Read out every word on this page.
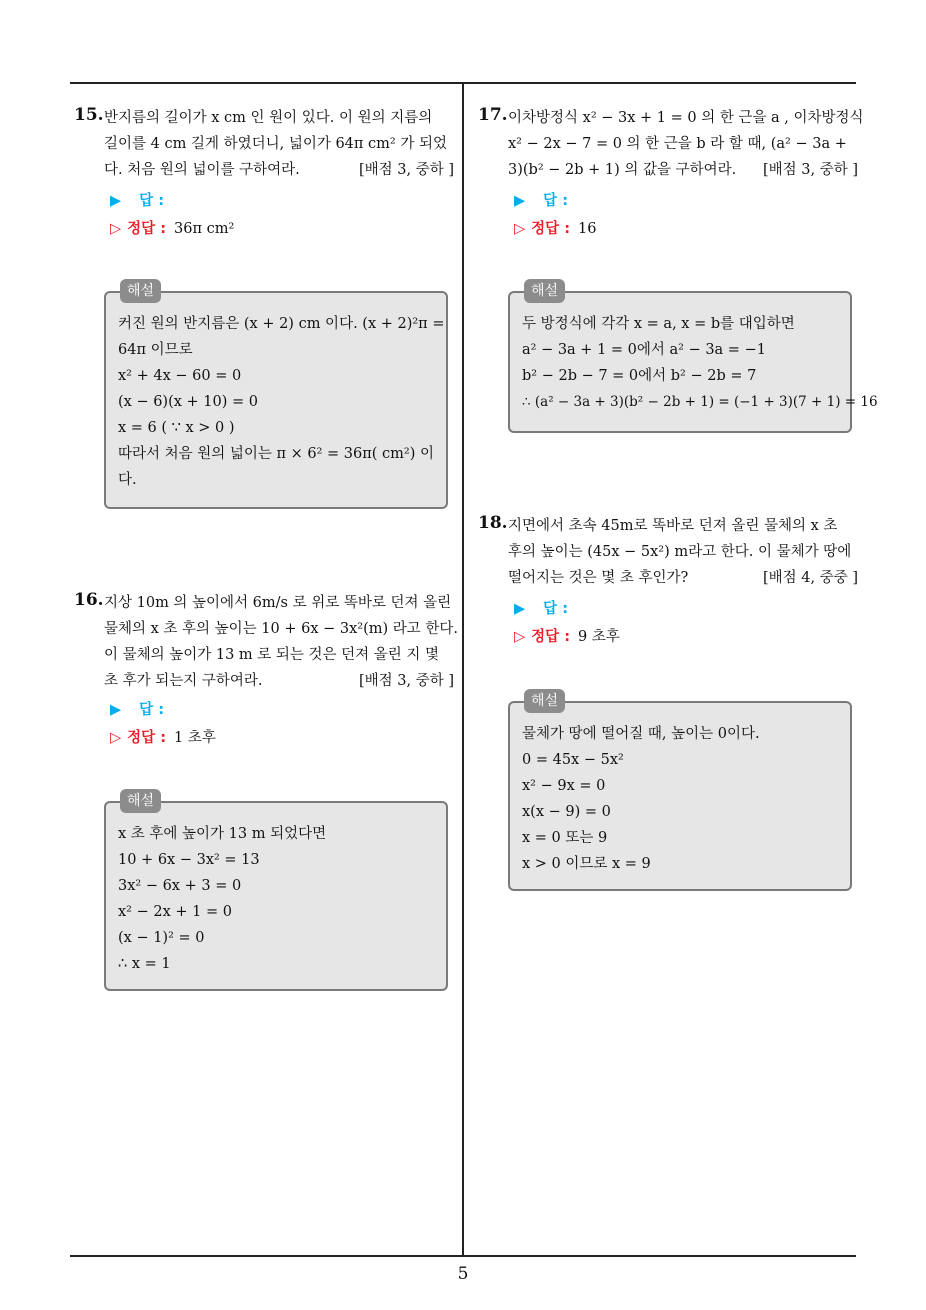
15. 반지름의 길이가 x cm 인 원이 있다. 이 원의 지름의
길이를 4 cm 길게 하였더니, 넓이가 64π cm² 가 되었
다. 처음 원의 넓이를 구하여라.	[배점 3, 중하 ]
▶ 답 :
▷ 정답 : 36π cm²
해설
커진 원의 반지름은 (x + 2) cm 이다. (x + 2)²π =
64π 이므로
x² + 4x − 60 = 0
(x − 6)(x + 10) = 0
x = 6 ( ∵ x > 0 )
따라서 처음 원의 넓이는 π × 6² = 36π( cm²) 이
다.
16. 지상 10m 의 높이에서 6m/s 로 위로 똑바로 던져 올린
물체의 x 초 후의 높이는 10 + 6x − 3x²(m) 라고 한다.
이 물체의 높이가 13 m 로 되는 것은 던져 올린 지 몇
초 후가 되는지 구하여라.	[배점 3, 중하 ]
▶ 답 :
▷ 정답 : 1 초후
해설
x 초 후에 높이가 13 m 되었다면
10 + 6x − 3x² = 13
3x² − 6x + 3 = 0
x² − 2x + 1 = 0
(x − 1)² = 0
∴ x = 1
17. 이차방정식 x² − 3x + 1 = 0 의 한 근을 a , 이차방정식
x² − 2x − 7 = 0 의 한 근을 b 라 할 때, (a² − 3a +
3)(b² − 2b + 1) 의 값을 구하여라. [배점 3, 중하 ]
▶ 답 :
▷ 정답 : 16
해설
두 방정식에 각각 x = a, x = b를 대입하면
a² − 3a + 1 = 0에서 a² − 3a = −1
b² − 2b − 7 = 0에서 b² − 2b = 7
∴ (a² − 3a + 3)(b² − 2b + 1) = (−1 + 3)(7 + 1) = 16
18. 지면에서 초속 45m로 똑바로 던져 올린 물체의 x 초
후의 높이는 (45x − 5x²) m라고 한다. 이 물체가 땅에
떨어지는 것은 몇 초 후인가?	[배점 4, 중중 ]
▶ 답 :
▷ 정답 : 9 초후
해설
물체가 땅에 떨어질 때, 높이는 0이다.
0 = 45x − 5x²
x² − 9x = 0
x(x − 9) = 0
x = 0 또는 9
x > 0 이므로 x = 9
5
